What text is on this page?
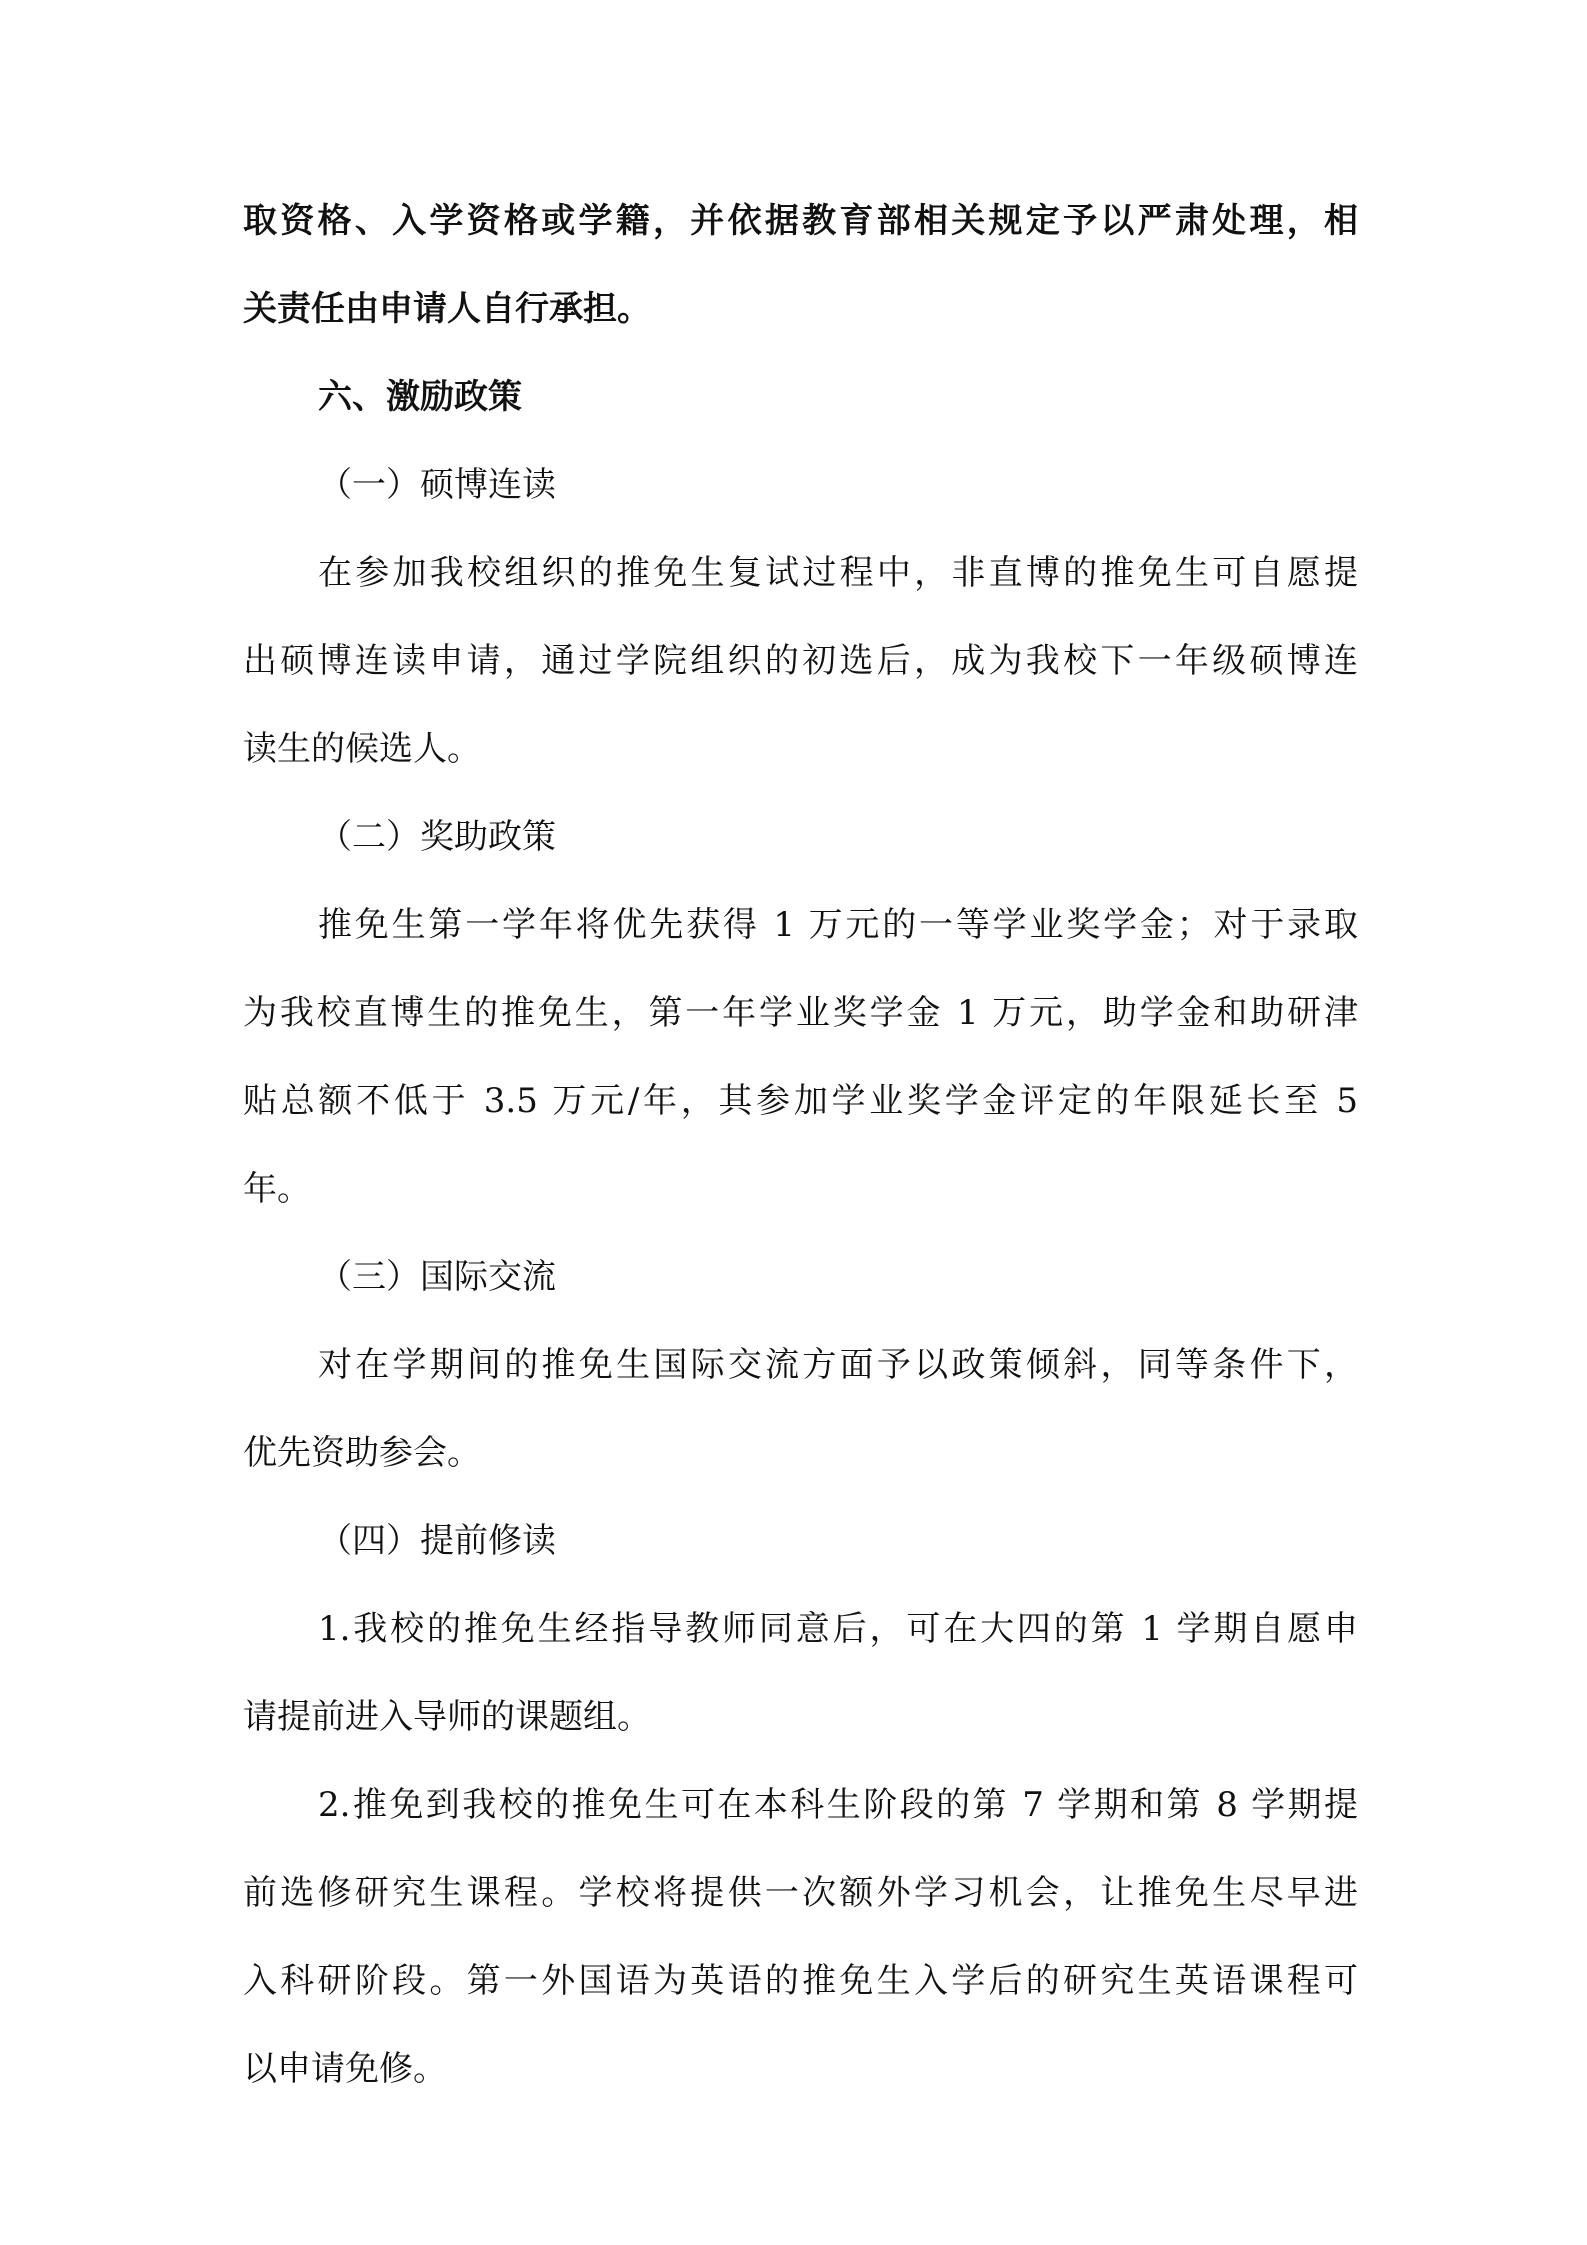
取资格、入学资格或学籍，并依据教育部相关规定予以严肃处理，相

关责任由申请人自行承担。

六、激励政策

（一）硕博连读

在参加我校组织的推免生复试过程中，非直博的推免生可自愿提

出硕博连读申请，通过学院组织的初选后，成为我校下一年级硕博连

读生的候选人。

（二）奖助政策

推免生第一学年将优先获得 1 万元的一等学业奖学金；对于录取

为我校直博生的推免生，第一年学业奖学金 1 万元，助学金和助研津

贴总额不低于 3.5 万元/年，其参加学业奖学金评定的年限延长至 5

年。

（三）国际交流

对在学期间的推免生国际交流方面予以政策倾斜，同等条件下，

优先资助参会。

（四）提前修读

1.我校的推免生经指导教师同意后，可在大四的第 1 学期自愿申

请提前进入导师的课题组。

2.推免到我校的推免生可在本科生阶段的第 7 学期和第 8 学期提

前选修研究生课程。学校将提供一次额外学习机会，让推免生尽早进

入科研阶段。第一外国语为英语的推免生入学后的研究生英语课程可

以申请免修。
